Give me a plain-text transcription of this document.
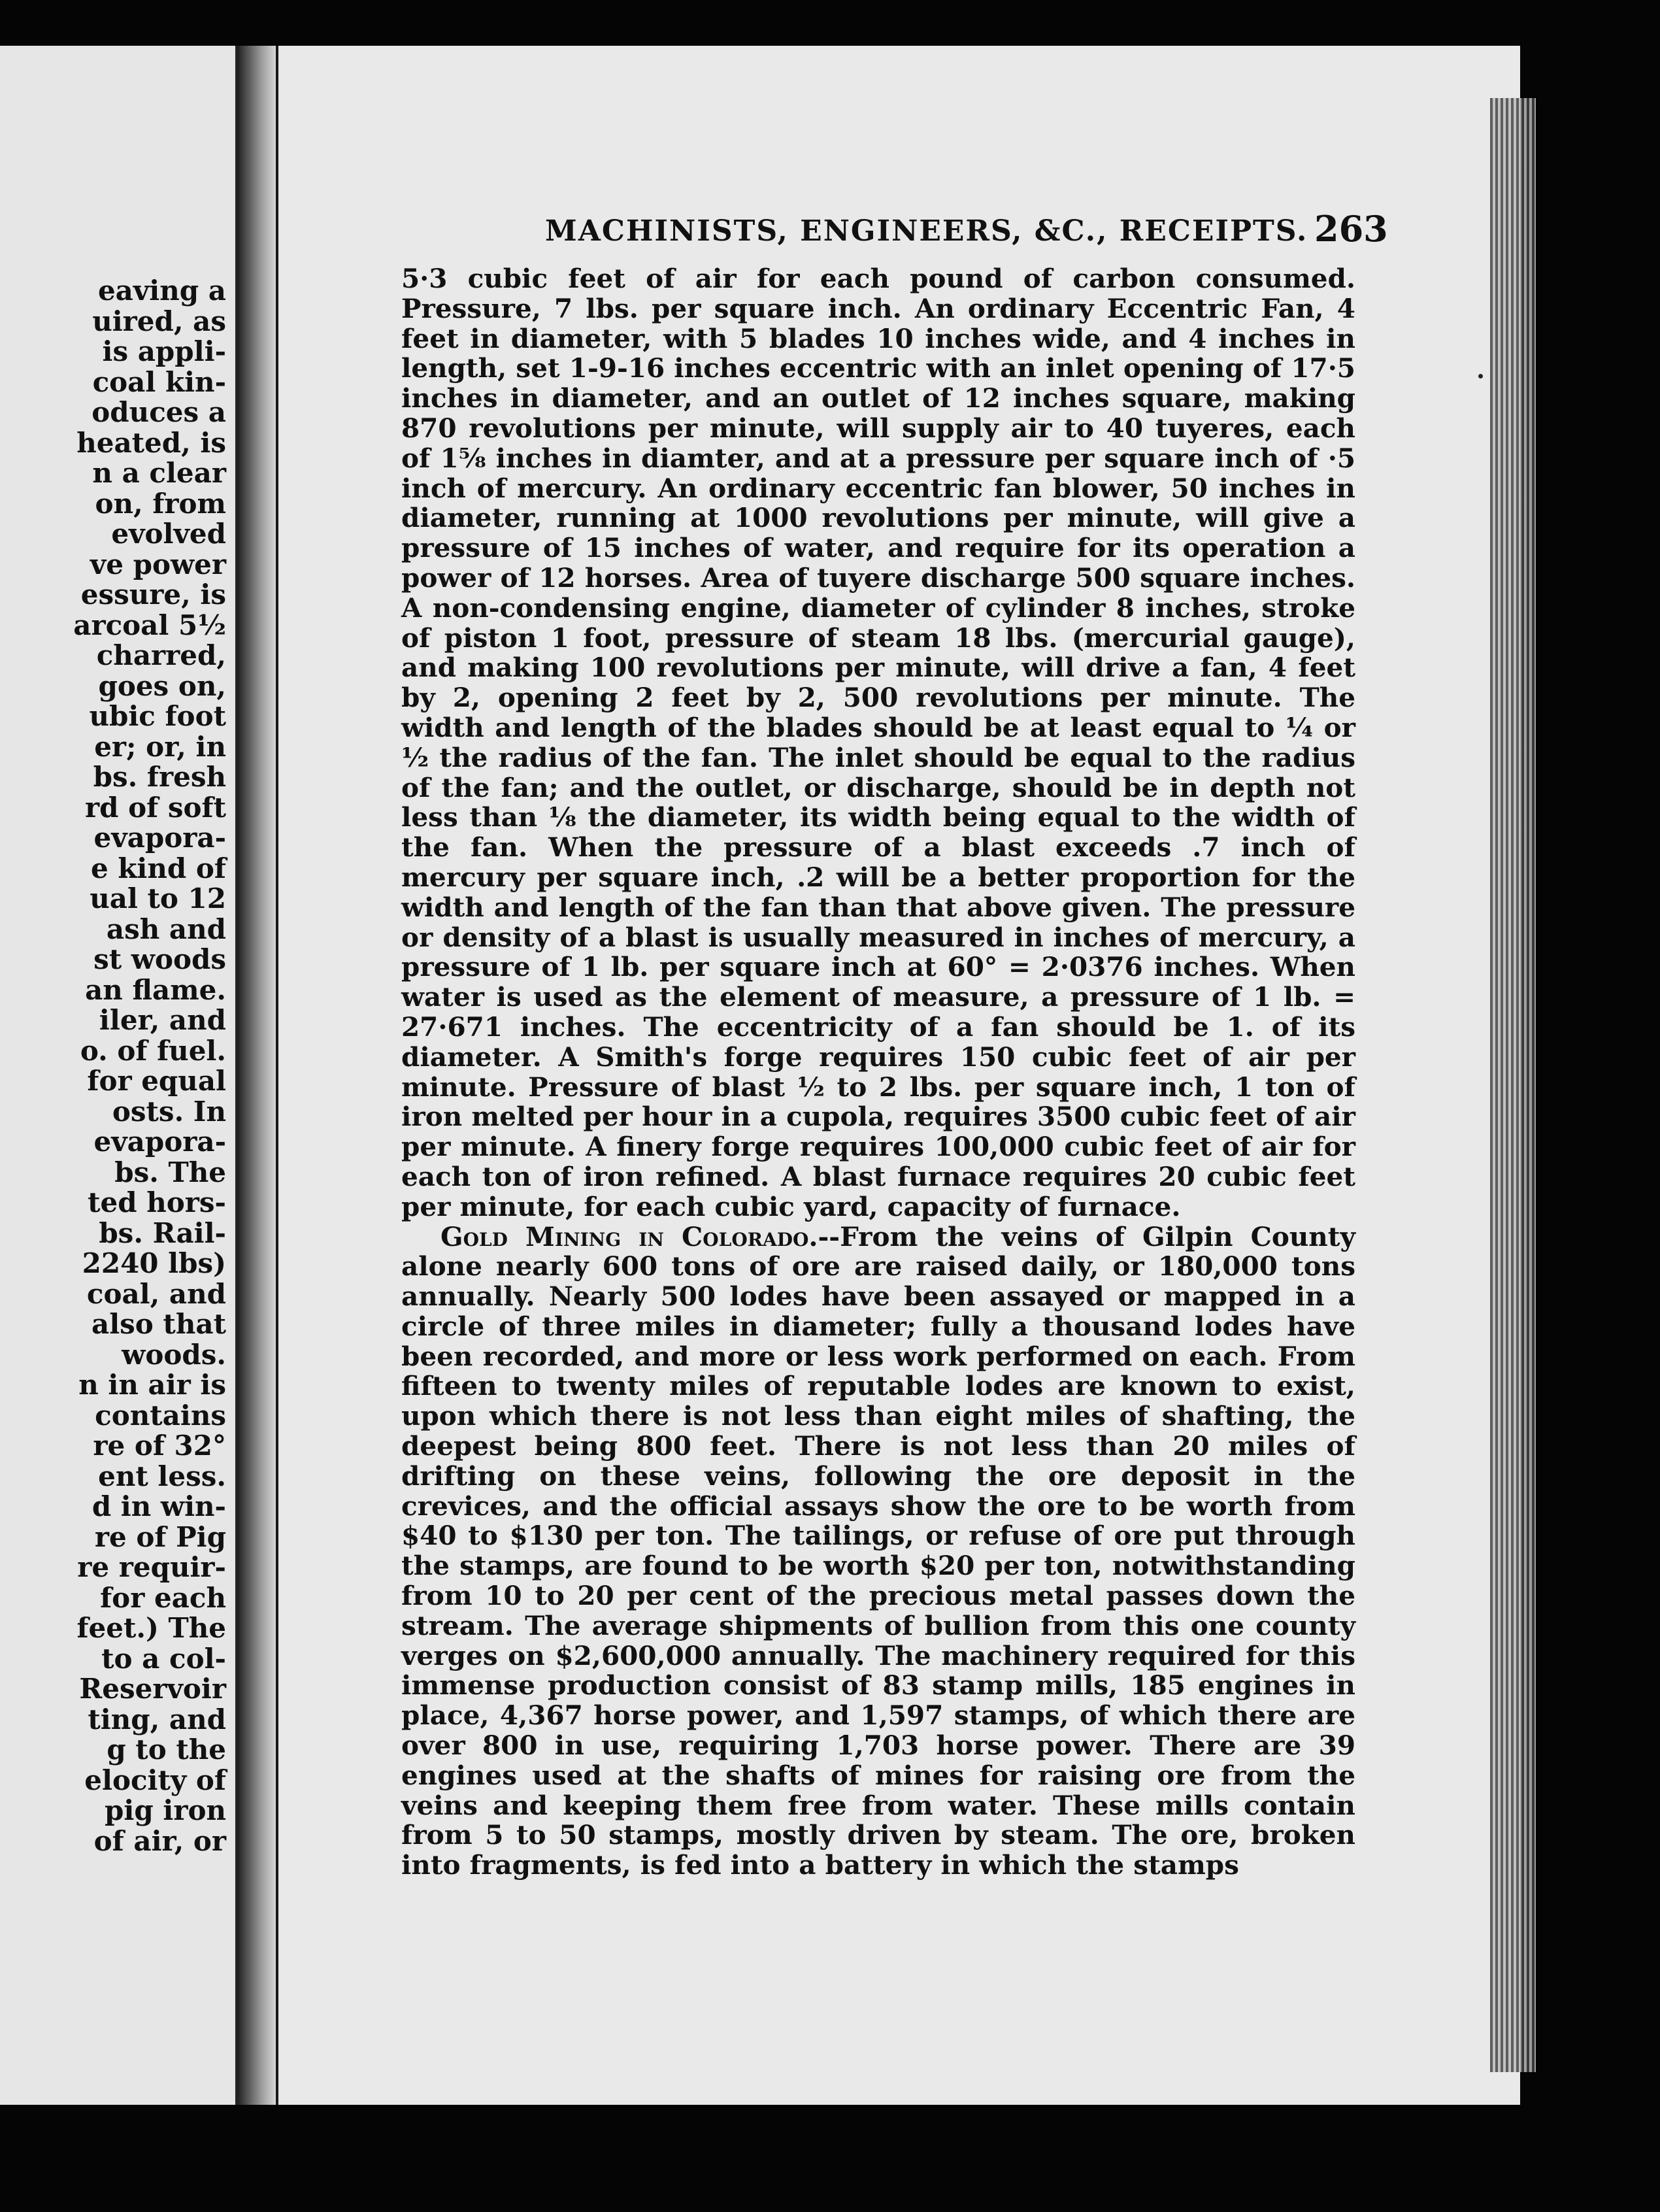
eaving a
uired, as
is appli-
coal kin-
oduces a
heated, is
n a clear
on, from
evolved
ve power
essure, is
arcoal 5½
charred,
goes on,
ubic foot
er; or, in
bs. fresh
rd of soft
evapora-
e kind of
ual to 12
ash and
st woods
an flame.
iler, and
o. of fuel.
for equal
osts. In
evapora-
bs. The
ted hors-
bs. Rail-
2240 lbs)
coal, and
also that
woods.
n in air is
contains
re of 32°
ent less.
d in win-
re of Pig
re requir-
for each
feet.) The
to a col-
Reservoir
ting, and
g to the
elocity of
pig iron
of air, or
MACHINISTS, ENGINEERS, &C., RECEIPTS. 263

5·3 cubic feet of air for each pound of carbon consumed. Pressure, 7 lbs. per square inch. An ordinary Eccentric Fan, 4 feet in diameter, with 5 blades 10 inches wide, and 4 inches in length, set 1-9-16 inches eccentric with an inlet opening of 17·5 inches in diameter, and an outlet of 12 inches square, making 870 revolutions per minute, will supply air to 40 tuyeres, each of 1⅝ inches in diamter, and at a pressure per square inch of ·5 inch of mercury. An ordinary eccentric fan blower, 50 inches in diameter, running at 1000 revolutions per minute, will give a pressure of 15 inches of water, and require for its operation a power of 12 horses. Area of tuyere discharge 500 square inches. A non-condensing engine, diameter of cylinder 8 inches, stroke of piston 1 foot, pressure of steam 18 lbs. (mercurial gauge), and making 100 revolutions per minute, will drive a fan, 4 feet by 2, opening 2 feet by 2, 500 revolutions per minute. The width and length of the blades should be at least equal to ¼ or ½ the radius of the fan. The inlet should be equal to the radius of the fan; and the outlet, or discharge, should be in depth not less than ⅛ the diameter, its width being equal to the width of the fan. When the pressure of a blast exceeds .7 inch of mercury per square inch, .2 will be a better proportion for the width and length of the fan than that above given. The pressure or density of a blast is usually measured in inches of mercury, a pressure of 1 lb. per square inch at 60° = 2·0376 inches. When water is used as the element of measure, a pressure of 1 lb. = 27·671 inches. The eccentricity of a fan should be 1. of its diameter. A Smith's forge requires 150 cubic feet of air per minute. Pressure of blast ½ to 2 lbs. per square inch, 1 ton of iron melted per hour in a cupola, requires 3500 cubic feet of air per minute. A finery forge requires 100,000 cubic feet of air for each ton of iron refined. A blast furnace requires 20 cubic feet per minute, for each cubic yard, capacity of furnace.

Gold Mining in Colorado.--From the veins of Gilpin County alone nearly 600 tons of ore are raised daily, or 180,000 tons annually. Nearly 500 lodes have been assayed or mapped in a circle of three miles in diameter; fully a thousand lodes have been recorded, and more or less work performed on each. From fifteen to twenty miles of reputable lodes are known to exist, upon which there is not less than eight miles of shafting, the deepest being 800 feet. There is not less than 20 miles of drifting on these veins, following the ore deposit in the crevices, and the official assays show the ore to be worth from $40 to $130 per ton. The tailings, or refuse of ore put through the stamps, are found to be worth $20 per ton, notwithstanding from 10 to 20 per cent of the precious metal passes down the stream. The average shipments of bullion from this one county verges on $2,600,000 annually. The machinery required for this immense production consist of 83 stamp mills, 185 engines in place, 4,367 horse power, and 1,597 stamps, of which there are over 800 in use, requiring 1,703 horse power. There are 39 engines used at the shafts of mines for raising ore from the veins and keeping them free from water. These mills contain from 5 to 50 stamps, mostly driven by steam. The ore, broken into fragments, is fed into a battery in which the stamps
